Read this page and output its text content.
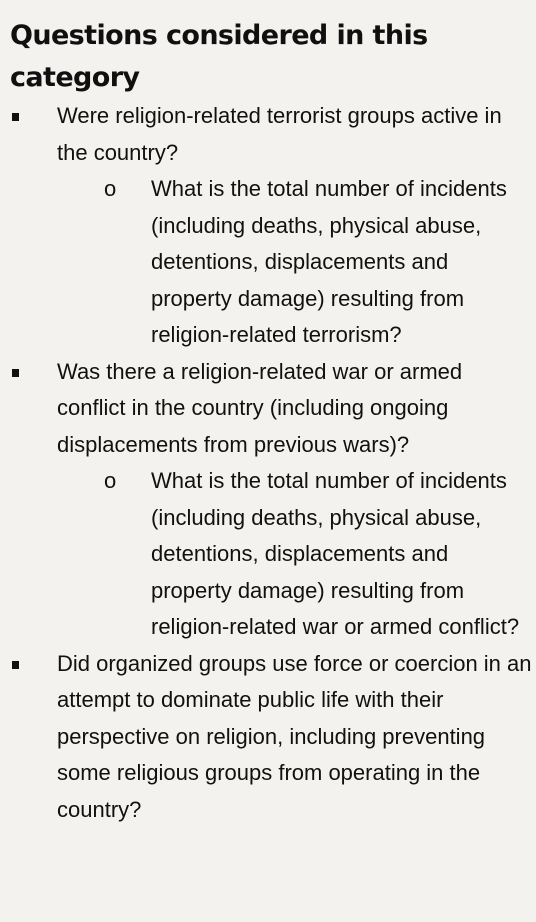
Questions considered in this category
Were religion-related terrorist groups active in the country?
o What is the total number of incidents (including deaths, physical abuse, detentions, displacements and property damage) resulting from religion-related terrorism?
Was there a religion-related war or armed conflict in the country (including ongoing displacements from previous wars)?
o What is the total number of incidents (including deaths, physical abuse, detentions, displacements and property damage) resulting from religion-related war or armed conflict?
Did organized groups use force or coercion in an attempt to dominate public life with their perspective on religion, including preventing some religious groups from operating in the country?
